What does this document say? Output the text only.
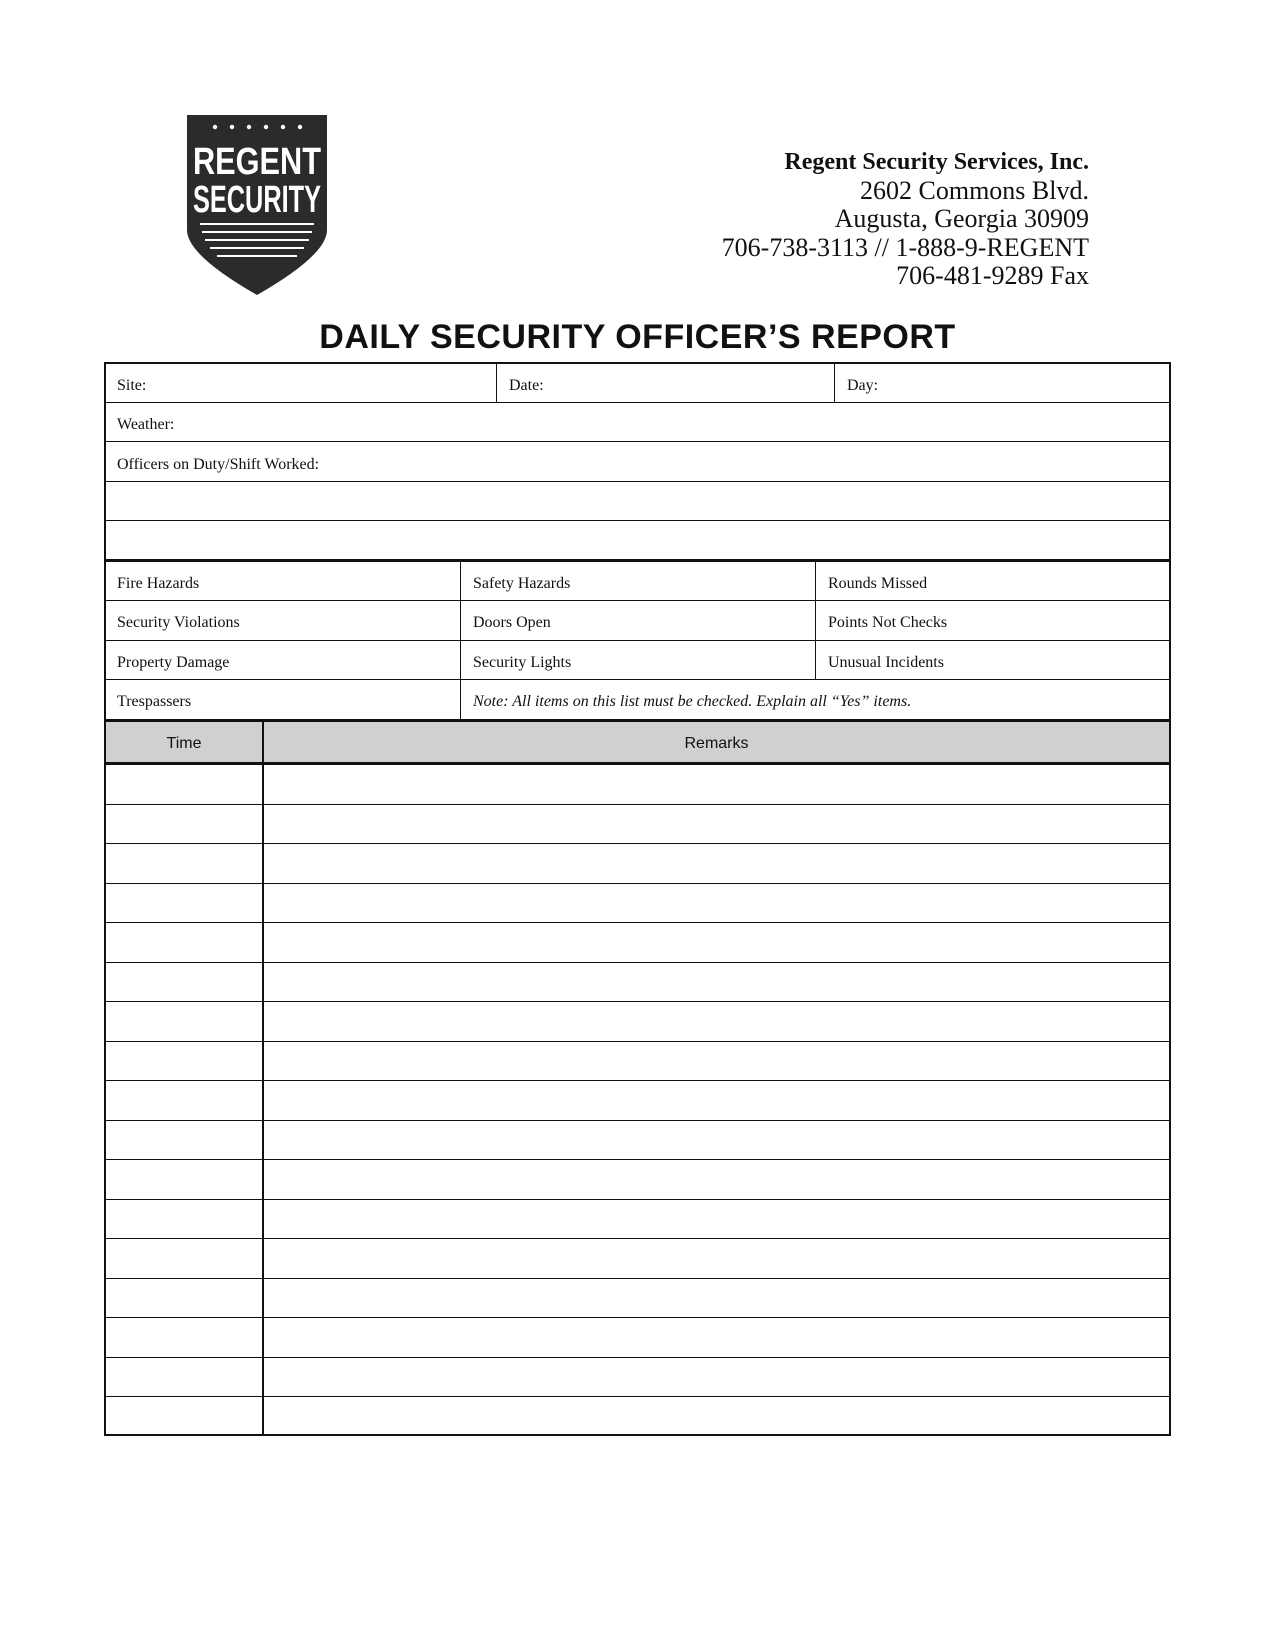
REGENT
SECURITY
Regent Security Services, Inc.
2602 Commons Blvd.
Augusta, Georgia 30909
706-738-3113 // 1-888-9-REGENT
706-481-9289 Fax
DAILY SECURITY OFFICER’S REPORT
Site:	Date:	Day:
Weather:
Officers on Duty/Shift Worked:
Fire Hazards	Safety Hazards	Rounds Missed
Security Violations	Doors Open	Points Not Checks
Property Damage	Security Lights	Unusual Incidents
Trespassers	Note: All items on this list must be checked. Explain all “Yes” items.
Time	Remarks
